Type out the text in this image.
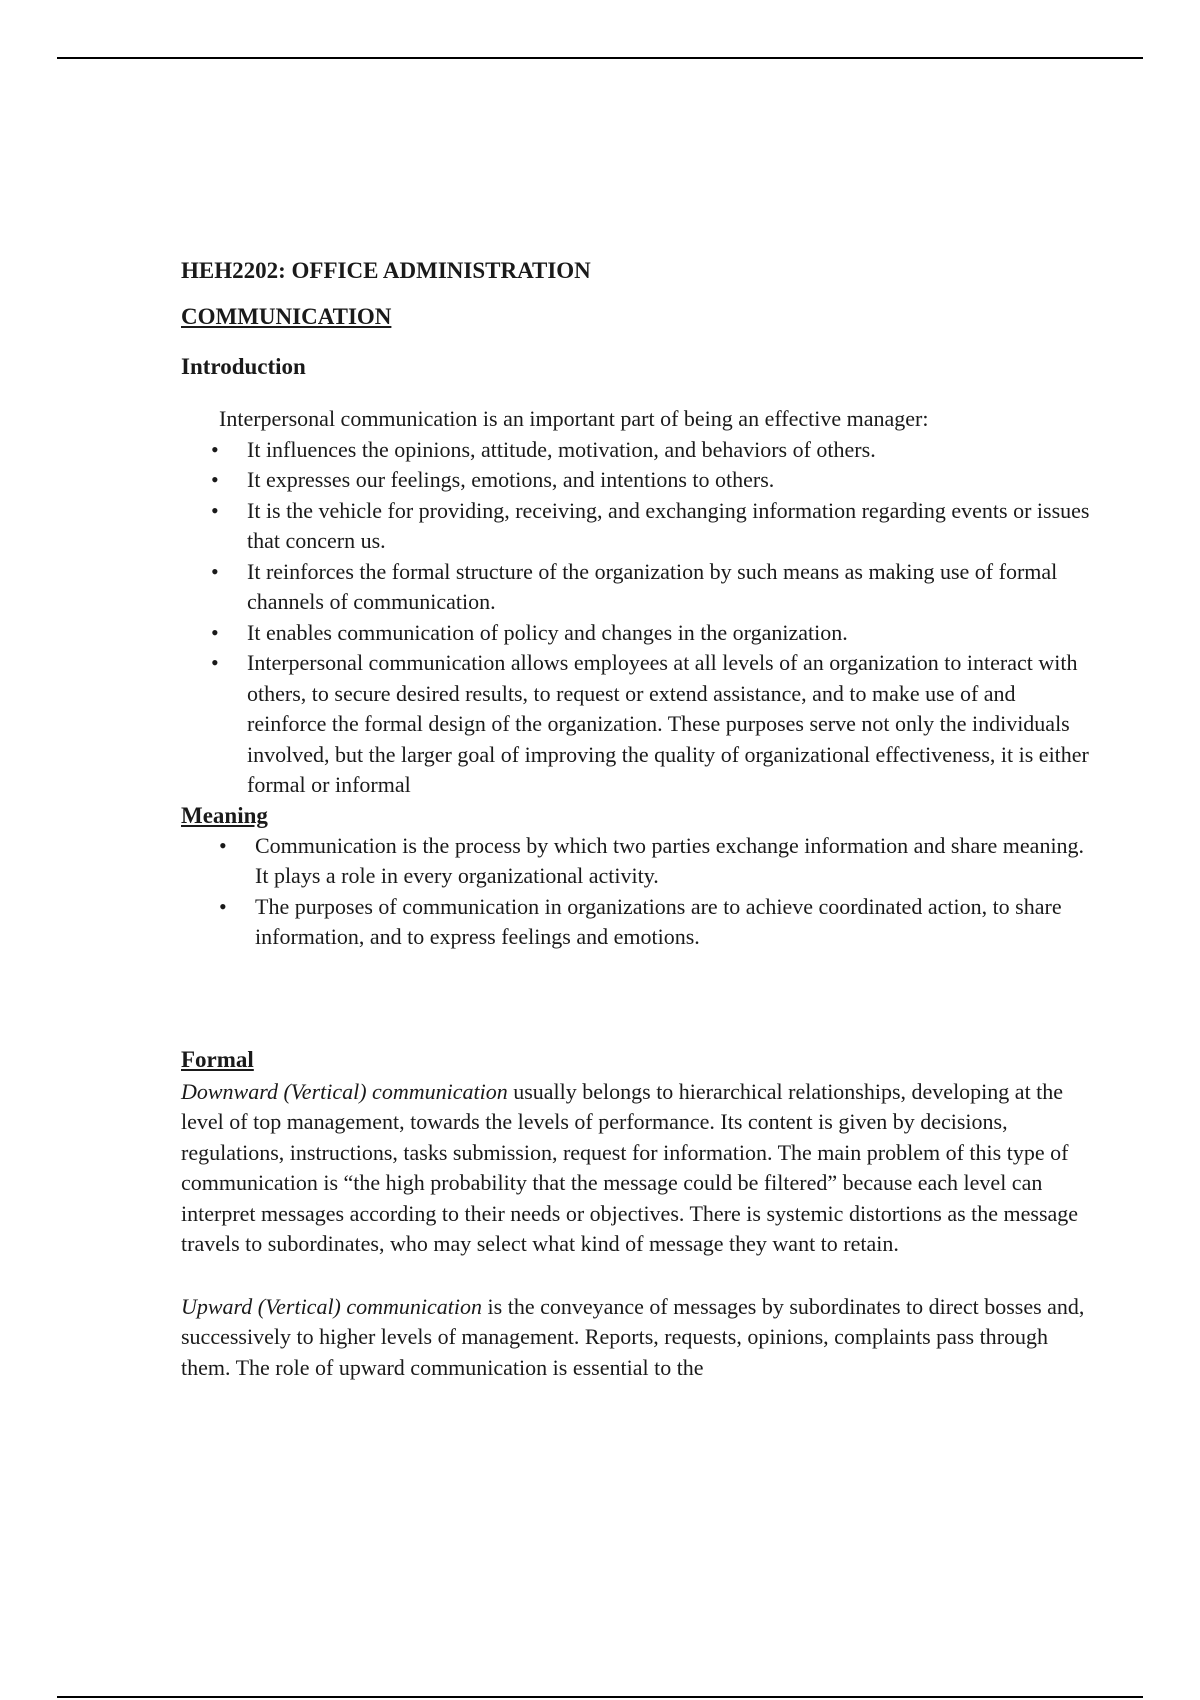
HEH2202: OFFICE ADMINISTRATION

COMMUNICATION

Introduction

Interpersonal communication is an important part of being an effective manager:

• It influences the opinions, attitude, motivation, and behaviors of others.
• It expresses our feelings, emotions, and intentions to others.
• It is the vehicle for providing, receiving, and exchanging information regarding events or issues that concern us.
• It reinforces the formal structure of the organization by such means as making use of formal channels of communication.
• It enables communication of policy and changes in the organization.
• Interpersonal communication allows employees at all levels of an organization to interact with others, to secure desired results, to request or extend assistance, and to make use of and reinforce the formal design of the organization. These purposes serve not only the individuals involved, but the larger goal of improving the quality of organizational effectiveness, it is either formal or informal

Meaning

• Communication is the process by which two parties exchange information and share meaning. It plays a role in every organizational activity.
• The purposes of communication in organizations are to achieve coordinated action, to share information, and to express feelings and emotions.

Formal

Downward (Vertical) communication usually belongs to hierarchical relationships, developing at the level of top management, towards the levels of performance. Its content is given by decisions, regulations, instructions, tasks submission, request for information. The main problem of this type of communication is “the high probability that the message could be filtered” because each level can interpret messages according to their needs or objectives. There is systemic distortions as the message travels to subordinates, who may select what kind of message they want to retain.

Upward (Vertical) communication is the conveyance of messages by subordinates to direct bosses and, successively to higher levels of management. Reports, requests, opinions, complaints pass through them. The role of upward communication is essential to the
